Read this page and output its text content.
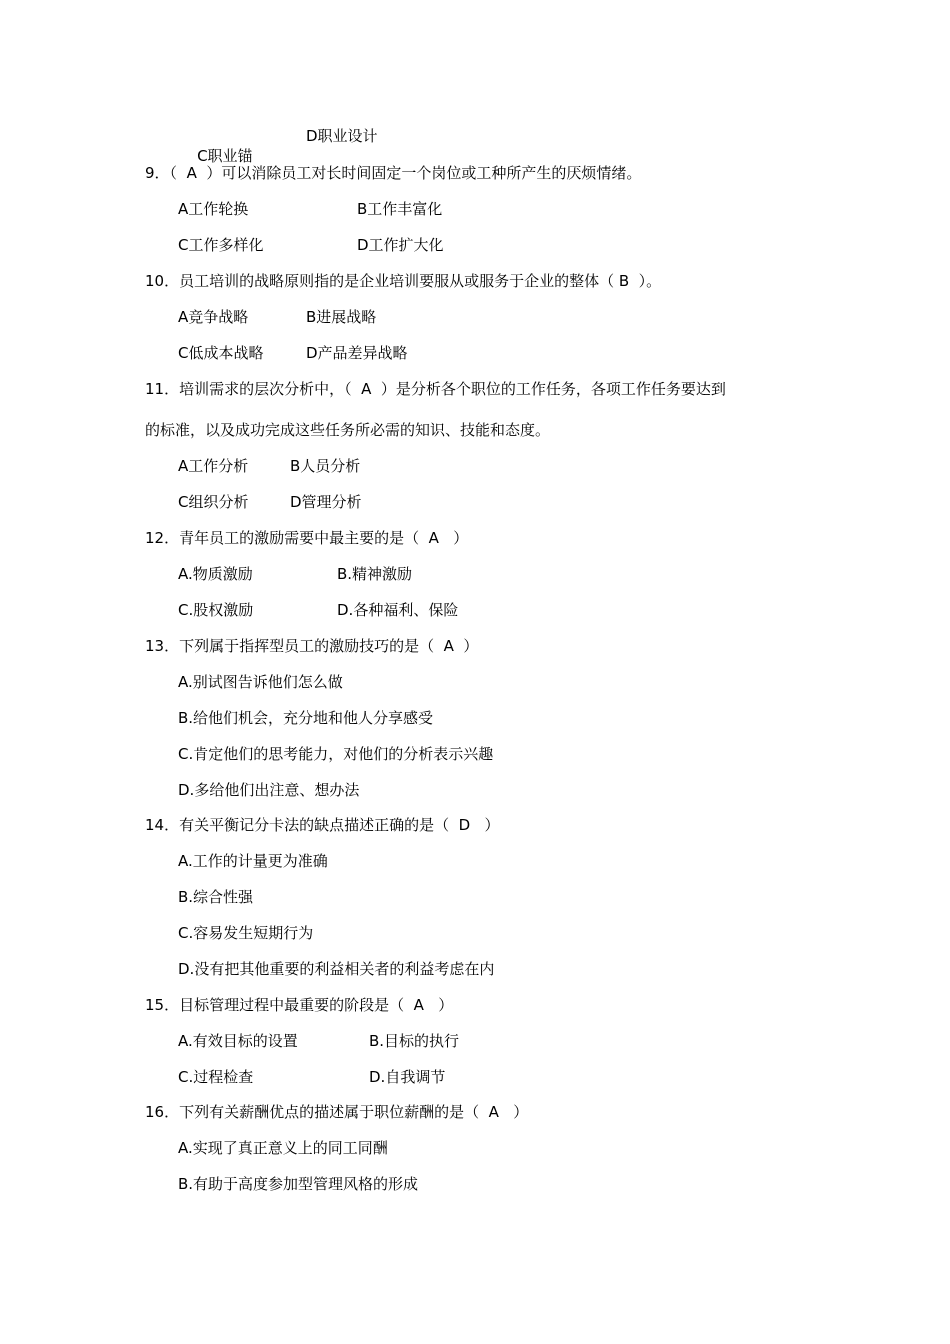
C职业锚

D职业设计
9．（  A  ）可以消除员工对长时间固定一个岗位或工种所产生的厌烦情绪。
A工作轮换	B工作丰富化
C工作多样化	D工作扩大化
10．员工培训的战略原则指的是企业培训要服从或服务于企业的整体（ B  ）。
A竞争战略	B进展战略
C低成本战略	D产品差异战略
11．培训需求的层次分析中，（  A  ）是分析各个职位的工作任务，各项工作任务要达到
的标准，以及成功完成这些任务所必需的知识、技能和态度。
A工作分析	B人员分析
C组织分析	D管理分析
12．青年员工的激励需要中最主要的是（  A   ）
A.物质激励	B.精神激励
C.股权激励	D.各种福利、保险
13．下列属于指挥型员工的激励技巧的是（  A  ）
A.别试图告诉他们怎么做
B.给他们机会，充分地和他人分享感受
C.肯定他们的思考能力，对他们的分析表示兴趣
D.多给他们出注意、想办法
14．有关平衡记分卡法的缺点描述正确的是（  D   ）
A.工作的计量更为准确
B.综合性强
C.容易发生短期行为
D.没有把其他重要的利益相关者的利益考虑在内
15．目标管理过程中最重要的阶段是（  A   ）
A.有效目标的设置	B.目标的执行
C.过程检查	D.自我调节
16．下列有关薪酬优点的描述属于职位薪酬的是（  A   ）
A.实现了真正意义上的同工同酬
B.有助于高度参加型管理风格的形成
